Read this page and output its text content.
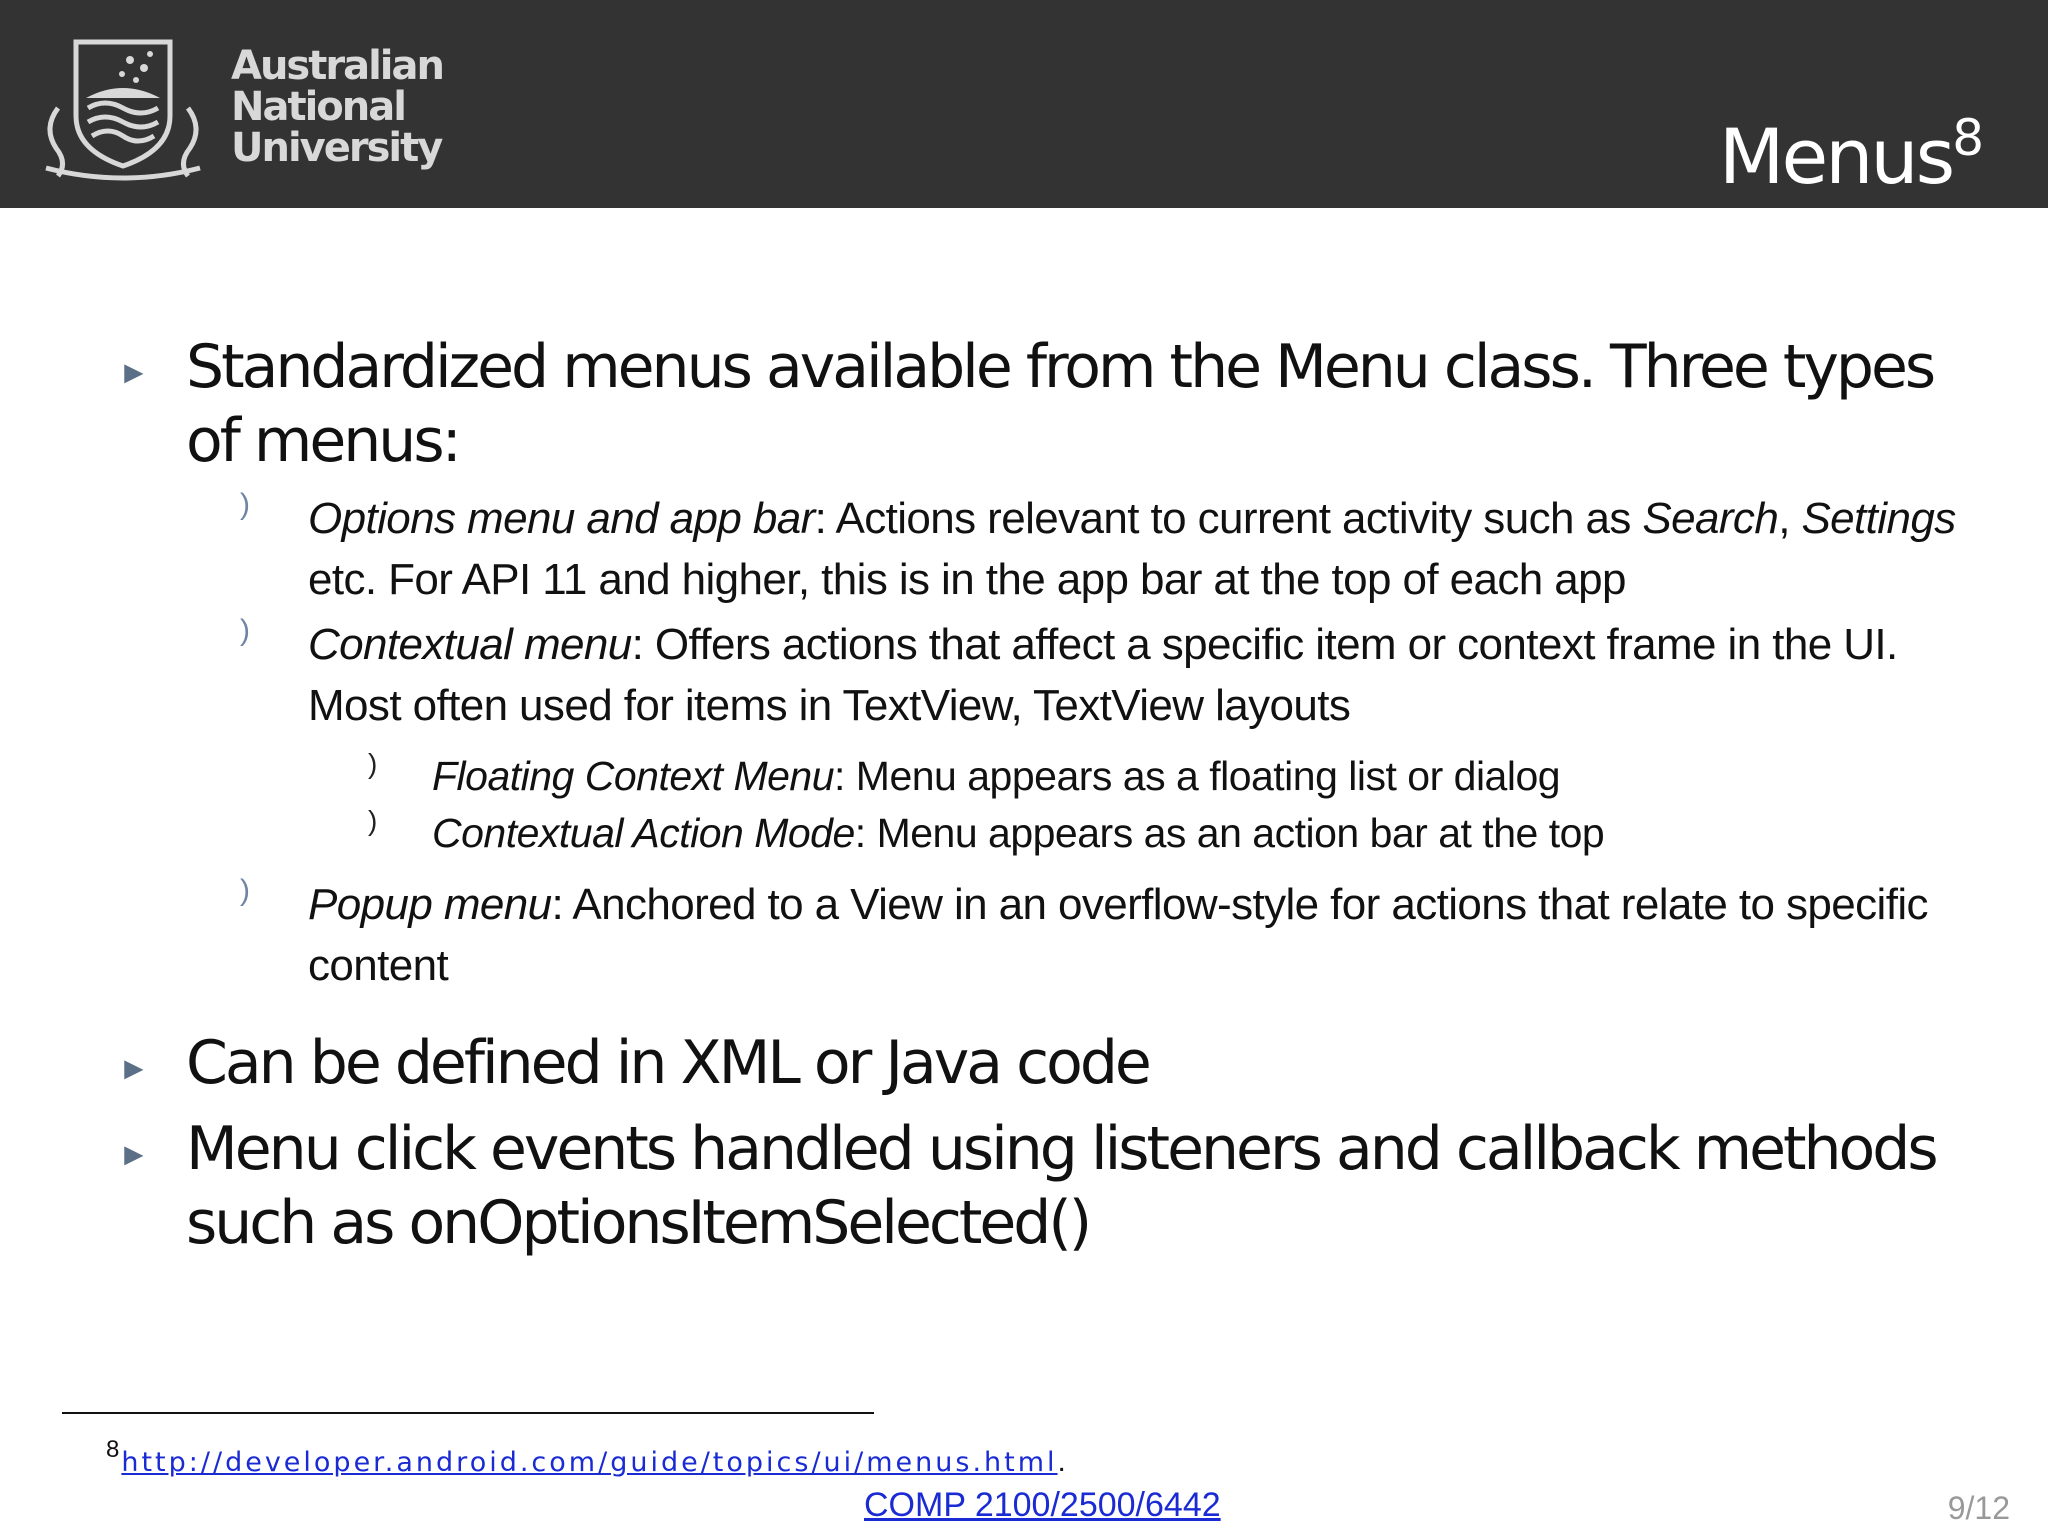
Australian
National
University	Menus$^8$
► Standardized menus available from the Menu class. Three types of menus:
) Options menu and app bar: Actions relevant to current activity such as Search, Settings etc. For API 11 and higher, this is in the app bar at the top of each app
) Contextual menu: Offers actions that affect a specific item or context frame in the UI. Most often used for items in TextView, TextView layouts
) Floating Context Menu: Menu appears as a floating list or dialog
) Contextual Action Mode: Menu appears as an action bar at the top
) Popup menu: Anchored to a View in an overflow-style for actions that relate to specific content
► Can be defined in XML or Java code
► Menu click events handled using listeners and callback methods such as onOptionsItemSelected()
$^8$http://developer.android.com/guide/topics/ui/menus.html.
COMP 2100/2500/6442	9/12
